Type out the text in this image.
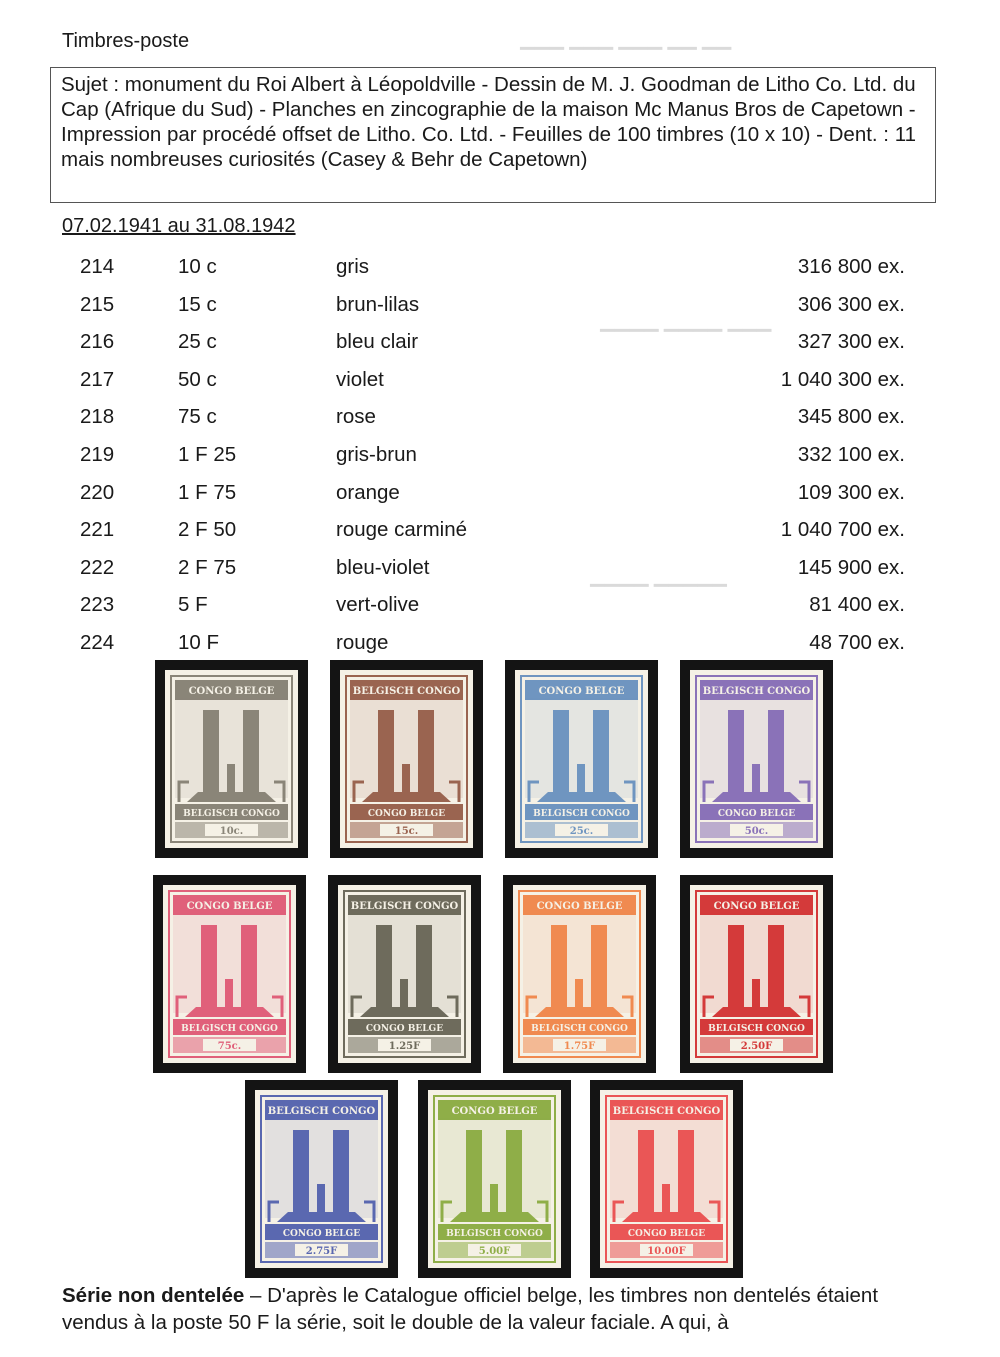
▁▁▁ ▁▁▁ ▁▁▁ ▁▁ ▁▁
▁▁▁▁ ▁▁▁▁ ▁▁▁
▁▁▁▁ ▁▁▁▁▁
Timbres-poste
Sujet : monument du Roi Albert à Léopoldville - Dessin de M. J. Goodman de Litho Co. Ltd. du Cap (Afrique du Sud) - Planches en zincographie de la maison Mc Manus Bros de Capetown - Impression par procédé offset de Litho. Co. Ltd. - Feuilles de 100 timbres (10 x 10) - Dent. : 11 mais nombreuses curiosités (Casey & Behr de Capetown)
07.02.1941 au 31.08.1942
214	10 c	gris	316 800 ex.
215	15 c	brun-lilas	306 300 ex.
216	25 c	bleu clair	327 300 ex.
217	50 c	violet	1 040 300 ex.
218	75 c	rose	345 800 ex.
219	1 F 25	gris-brun	332 100 ex.
220	1 F 75	orange	109 300 ex.
221	2 F 50	rouge carminé	1 040 700 ex.
222	2 F 75	bleu-violet	145 900 ex.
223	5 F	vert-olive	81 400 ex.
224	10 F	rouge	48 700 ex.
CONGO BELGE
BELGISCH CONGO
10c.
BELGISCH CONGO
CONGO BELGE
15c.
CONGO BELGE
BELGISCH CONGO
25c.
BELGISCH CONGO
CONGO BELGE
50c.
CONGO BELGE
BELGISCH CONGO
75c.
BELGISCH CONGO
CONGO BELGE
1.25F
CONGO BELGE
BELGISCH CONGO
1.75F
CONGO BELGE
BELGISCH CONGO
2.50F
BELGISCH CONGO
CONGO BELGE
2.75F
CONGO BELGE
BELGISCH CONGO
5.00F
BELGISCH CONGO
CONGO BELGE
10.00F
Série non dentelée – D'après le Catalogue officiel belge, les timbres non dentelés étaient vendus à la poste 50 F la série, soit le double de la valeur faciale. A qui, à
